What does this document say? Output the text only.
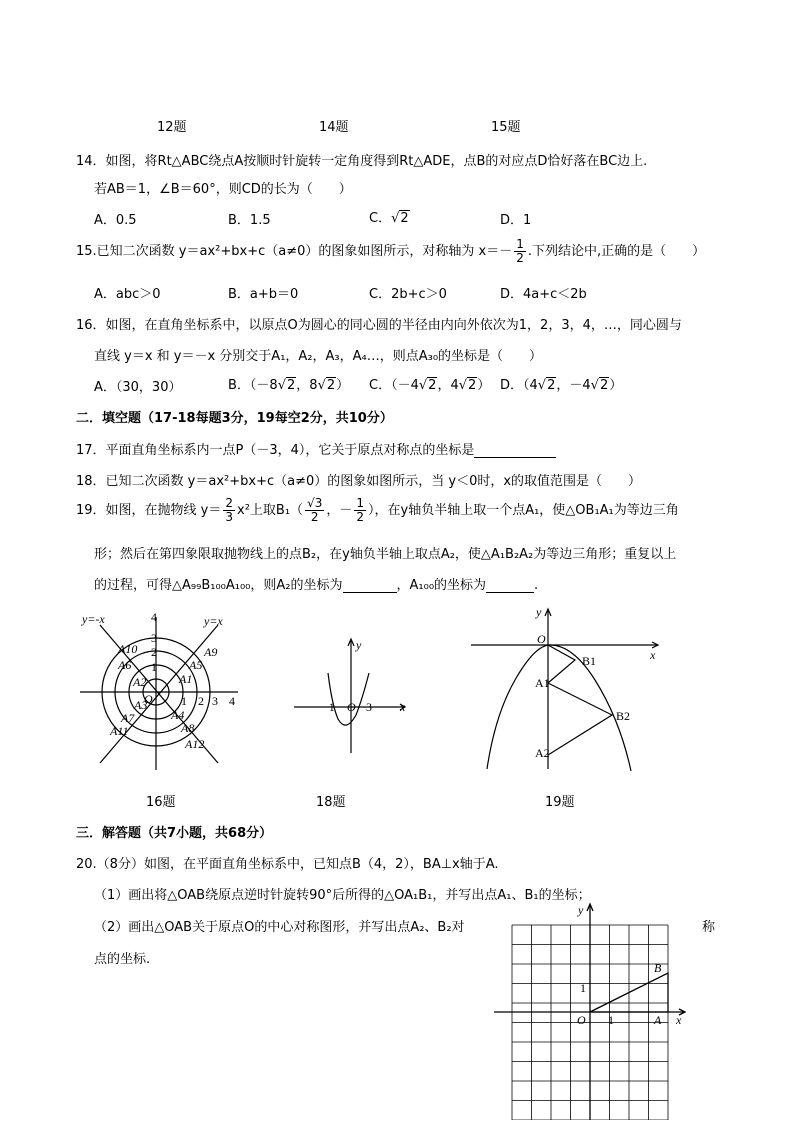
12题	14题	15题
14．如图，将Rt△ABC绕点A按顺时针旋转一定角度得到Rt△ADE，点B的对应点D恰好落在BC边上.
若AB＝1，∠B＝60°，则CD的长为（　　）
A．0.5	B．1.5	C．√2	D．1
15.已知二次函数 y＝ax²+bx+c（a≠0）的图象如图所示，对称轴为 $x=- \frac{1}{2}$ .下列结论中,正确的是（　　）
A．abc＞0	B．a+b＝0	C．2b+c＞0	D．4a+c＜2b
16．如图，在直角坐标系中，以原点O为圆心的同心圆的半径由内向外依次为1，2，3，4，…，同心圆与
直线 y＝x 和 y＝－x 分别交于A₁，A₂，A₃，A₄…，则点A₃₀的坐标是（　　）
A．（30，30）	B．（－8√2，8√2） C．（－4√2，4√2） D．（4√2，－4√2）
二．填空题（17-18每题3分，19每空2分，共10分）
17．平面直角坐标系内一点P（－3，4），它关于原点对称点的坐标是
18．已知二次函数 y＝ax²+bx+c（a≠0）的图象如图所示，当 y＜0时，x的取值范围是（　　）
19．如图，在抛物线 $y= \frac{2}{3} x^2$上取$B_1( \frac{√3}{2}$ ，－ $\frac{1}{2}$ ），在y轴负半轴上取一个点A₁，使△OB₁A₁为等边三角
形；然后在第四象限取抛物线上的点B₂，在y轴负半轴上取点A₂，使△A₁B₂A₂为等边三角形；重复以上
的过程，可得△A₉₉B₁₀₀A₁₀₀，则A₂的坐标为	，A₁₀₀的坐标为	.
y=-x	y=x
4
3
2
1
1 2 3 4
O
A10
A6
A2	A1
A5
A9
A3
A7
A11
A4
A8
A12
y
x
O
−1	3
y
x
O
B1
A1
B2
A2
16题	18题	19题
三．解答题（共7小题，共68分）
20.（8分）如图，在平面直角坐标系中，已知点B（4，2），BA⊥x轴于A.
（1）画出将△OAB绕原点逆时针旋转90°后所得的△OA₁B₁，并写出点A₁、B₁的坐标；
（2）画出△OAB关于原点O的中心对称图形，并写出点A₂、B₂对	称
点的坐标.
y
x
O 1
1
A
B
